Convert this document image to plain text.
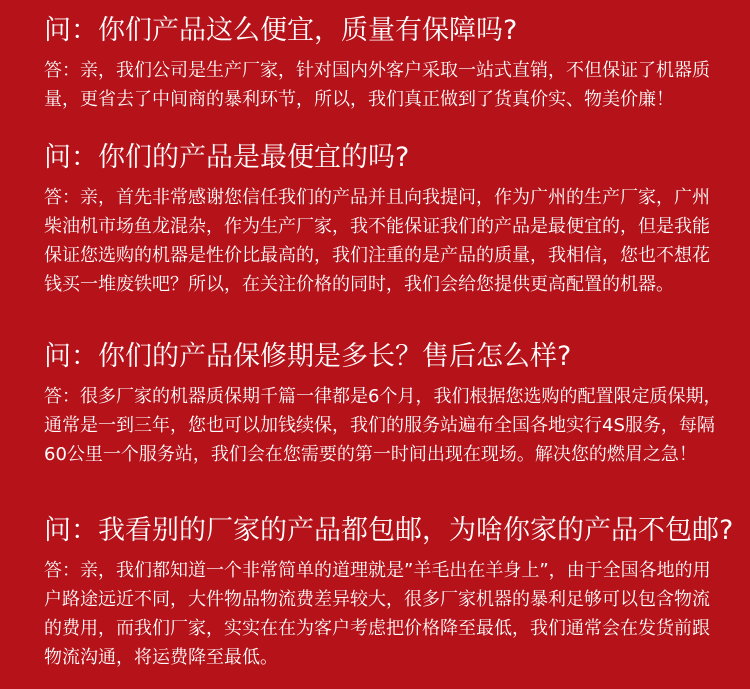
问：你们产品这么便宜，质量有保障吗?
答：亲，我们公司是生产厂家，针对国内外客户采取一站式直销，不但保证了机器质量，更省去了中间商的暴利环节，所以，我们真正做到了货真价实、物美价廉！
问：你们的产品是最便宜的吗?
答：亲，首先非常感谢您信任我们的产品并且向我提问，作为广州的生产厂家，广州柴油机市场鱼龙混杂，作为生产厂家，我不能保证我们的产品是最便宜的，但是我能保证您选购的机器是性价比最高的，我们注重的是产品的质量，我相信，您也不想花钱买一堆废铁吧？所以，在关注价格的同时，我们会给您提供更高配置的机器。
问：你们的产品保修期是多长？售后怎么样?
答：很多厂家的机器质保期千篇一律都是6个月，我们根据您选购的配置限定质保期，通常是一到三年，您也可以加钱续保，我们的服务站遍布全国各地实行4S服务，每隔60公里一个服务站，我们会在您需要的第一时间出现在现场。解决您的燃眉之急！
问：我看别的厂家的产品都包邮，为啥你家的产品不包邮?
答：亲，我们都知道一个非常简单的道理就是”羊毛出在羊身上”，由于全国各地的用户路途远近不同，大件物品物流费差异较大，很多厂家机器的暴利足够可以包含物流的费用，而我们厂家，实实在在为客户考虑把价格降至最低，我们通常会在发货前跟物流沟通，将运费降至最低。
